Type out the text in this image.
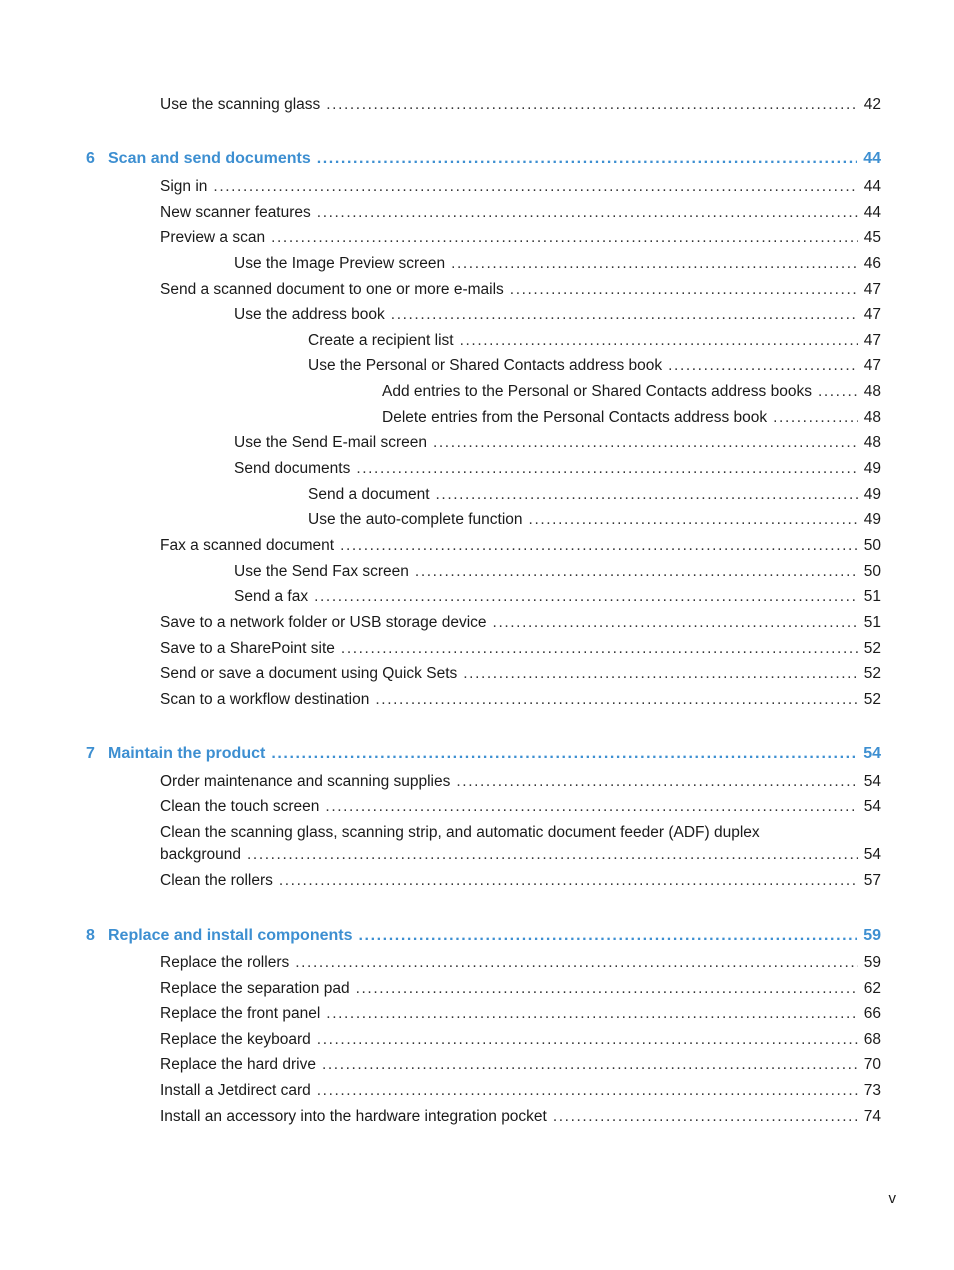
Use the scanning glass .....	42
6 Scan and send documents .....	44
Sign in .....	44
New scanner features .....	44
Preview a scan .....	45
Use the Image Preview screen .....	46
Send a scanned document to one or more e-mails .....	47
Use the address book .....	47
Create a recipient list .....	47
Use the Personal or Shared Contacts address book .....	47
Add entries to the Personal or Shared Contacts address books .....	48
Delete entries from the Personal Contacts address book .....	48
Use the Send E-mail screen .....	48
Send documents .....	49
Send a document .....	49
Use the auto-complete function .....	49
Fax a scanned document .....	50
Use the Send Fax screen .....	50
Send a fax .....	51
Save to a network folder or USB storage device .....	51
Save to a SharePoint site .....	52
Send or save a document using Quick Sets .....	52
Scan to a workflow destination .....	52
7 Maintain the product .....	54
Order maintenance and scanning supplies .....	54
Clean the touch screen .....	54
Clean the scanning glass, scanning strip, and automatic document feeder (ADF) duplex
background .....	54
Clean the rollers .....	57
8 Replace and install components .....	59
Replace the rollers .....	59
Replace the separation pad .....	62
Replace the front panel .....	66
Replace the keyboard .....	68
Replace the hard drive .....	70
Install a Jetdirect card .....	73
Install an accessory into the hardware integration pocket .....	74
v
